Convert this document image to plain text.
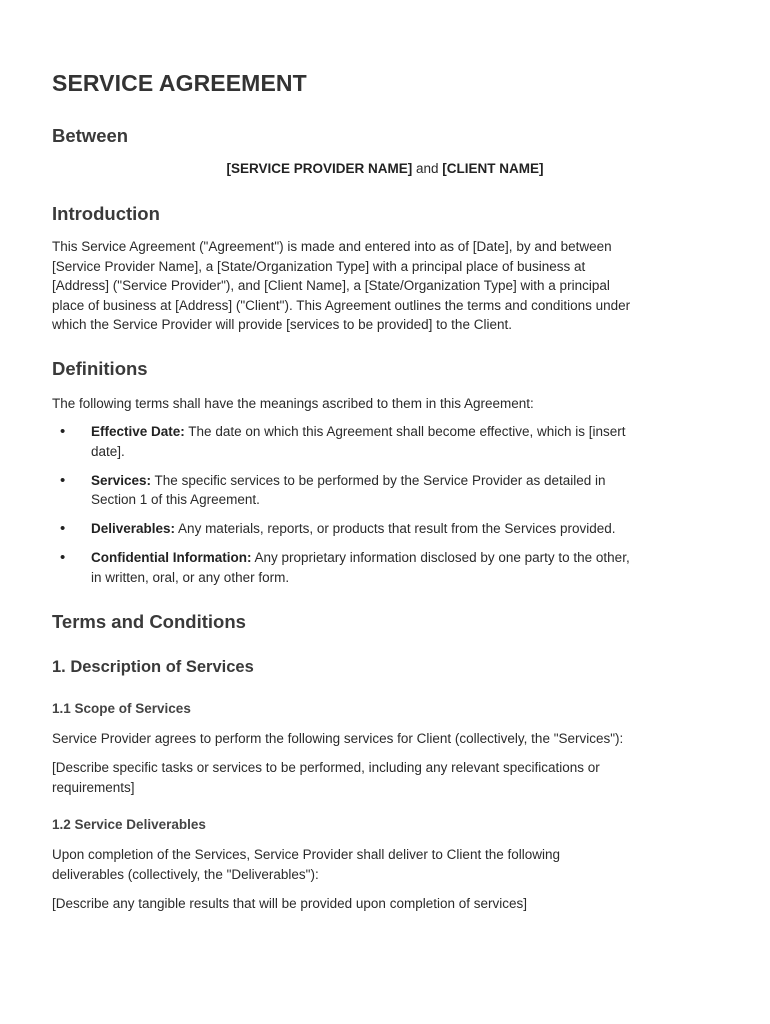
SERVICE AGREEMENT
Between
[SERVICE PROVIDER NAME] and [CLIENT NAME]
Introduction
This Service Agreement ("Agreement") is made and entered into as of [Date], by and between
[Service Provider Name], a [State/Organization Type] with a principal place of business at
[Address] ("Service Provider"), and [Client Name], a [State/Organization Type] with a principal
place of business at [Address] ("Client"). This Agreement outlines the terms and conditions under
which the Service Provider will provide [services to be provided] to the Client.
Definitions

The following terms shall have the meanings ascribed to them in this Agreement:

• Effective Date: The date on which this Agreement shall become effective, which is [insert
date].
• Services: The specific services to be performed by the Service Provider as detailed in
Section 1 of this Agreement.
• Deliverables: Any materials, reports, or products that result from the Services provided.
• Confidential Information: Any proprietary information disclosed by one party to the other,
in written, oral, or any other form.
Terms and Conditions
1. Description of Services
1.1 Scope of Services

Service Provider agrees to perform the following services for Client (collectively, the "Services"):

[Describe specific tasks or services to be performed, including any relevant specifications or
requirements]
1.2 Service Deliverables
Upon completion of the Services, Service Provider shall deliver to Client the following
deliverables (collectively, the "Deliverables"):

[Describe any tangible results that will be provided upon completion of services]
